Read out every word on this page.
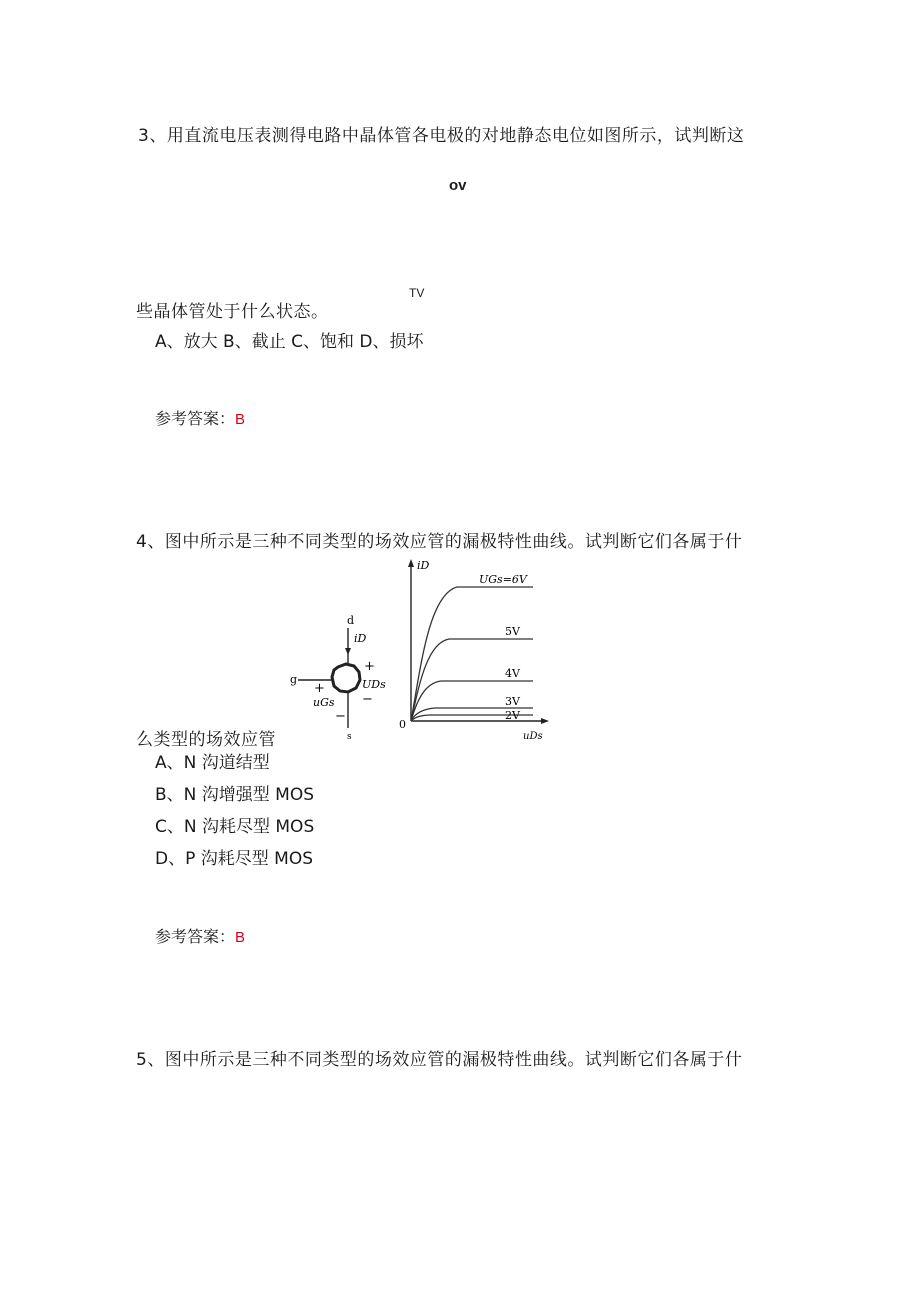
3、用直流电压表测得电路中晶体管各电极的对地静态电位如图所示，试判断这
ov
TV
些晶体管处于什么状态。
A、放大 B、截止 C、饱和 D、损坏
参考答案：B
4、图中所示是三种不同类型的场效应管的漏极特性曲线。试判断它们各属于什
d
iD
+
UDs
−
g
+
uGs
−
s
iD
uDs
0
UGs=6V
5V
4V
3V
2V
么类型的场效应管
A、N 沟道结型
B、N 沟增强型 MOS
C、N 沟耗尽型 MOS
D、P 沟耗尽型 MOS
参考答案：B
5、图中所示是三种不同类型的场效应管的漏极特性曲线。试判断它们各属于什
